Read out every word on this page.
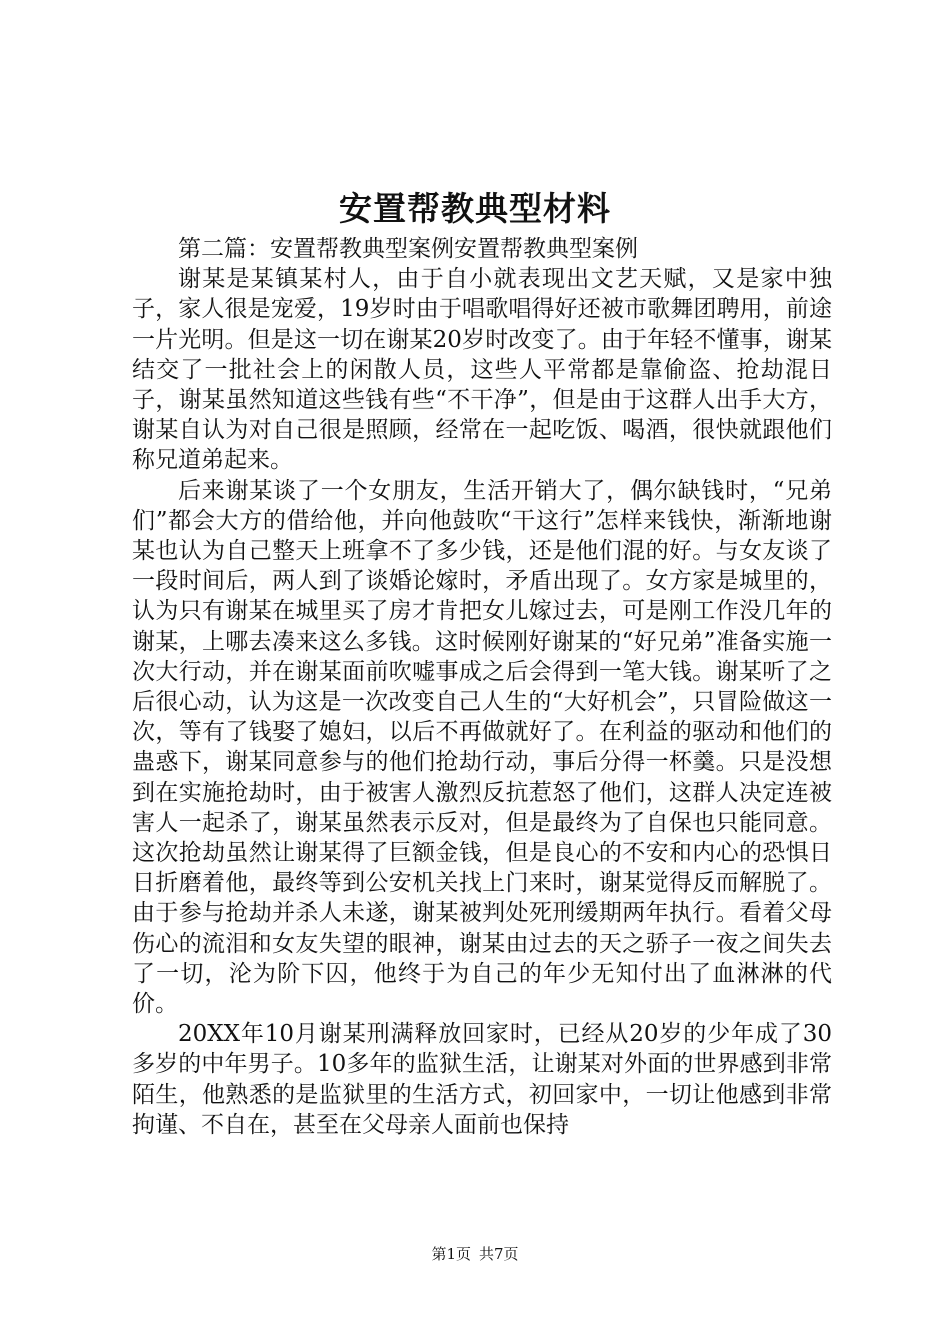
安置帮教典型材料

第二篇：安置帮教典型案例安置帮教典型案例

谢某是某镇某村人，由于自小就表现出文艺天赋，又是家中独子，家人很是宠爱，19岁时由于唱歌唱得好还被市歌舞团聘用，前途一片光明。但是这一切在谢某20岁时改变了。由于年轻不懂事，谢某结交了一批社会上的闲散人员，这些人平常都是靠偷盗、抢劫混日子，谢某虽然知道这些钱有些“不干净”，但是由于这群人出手大方，谢某自认为对自己很是照顾，经常在一起吃饭、喝酒，很快就跟他们称兄道弟起来。

后来谢某谈了一个女朋友，生活开销大了，偶尔缺钱时，“兄弟们”都会大方的借给他，并向他鼓吹“干这行”怎样来钱快，渐渐地谢某也认为自己整天上班拿不了多少钱，还是他们混的好。与女友谈了一段时间后，两人到了谈婚论嫁时，矛盾出现了。女方家是城里的，认为只有谢某在城里买了房才肯把女儿嫁过去，可是刚工作没几年的谢某，上哪去凑来这么多钱。这时候刚好谢某的“好兄弟”准备实施一次大行动，并在谢某面前吹嘘事成之后会得到一笔大钱。谢某听了之后很心动，认为这是一次改变自己人生的“大好机会”，只冒险做这一次，等有了钱娶了媳妇，以后不再做就好了。在利益的驱动和他们的蛊惑下，谢某同意参与的他们抢劫行动，事后分得一杯羹。只是没想到在实施抢劫时，由于被害人激烈反抗惹怒了他们，这群人决定连被害人一起杀了，谢某虽然表示反对，但是最终为了自保也只能同意。这次抢劫虽然让谢某得了巨额金钱，但是良心的不安和内心的恐惧日日折磨着他，最终等到公安机关找上门来时，谢某觉得反而解脱了。由于参与抢劫并杀人未遂，谢某被判处死刑缓期两年执行。看着父母伤心的流泪和女友失望的眼神，谢某由过去的天之骄子一夜之间失去了一切，沦为阶下囚，他终于为自己的年少无知付出了血淋淋的代价。

20XX年10月谢某刑满释放回家时，已经从20岁的少年成了30多岁的中年男子。10多年的监狱生活，让谢某对外面的世界感到非常陌生，他熟悉的是监狱里的生活方式，初回家中，一切让他感到非常拘谨、不自在，甚至在父母亲人面前也保持

第1页 共7页
